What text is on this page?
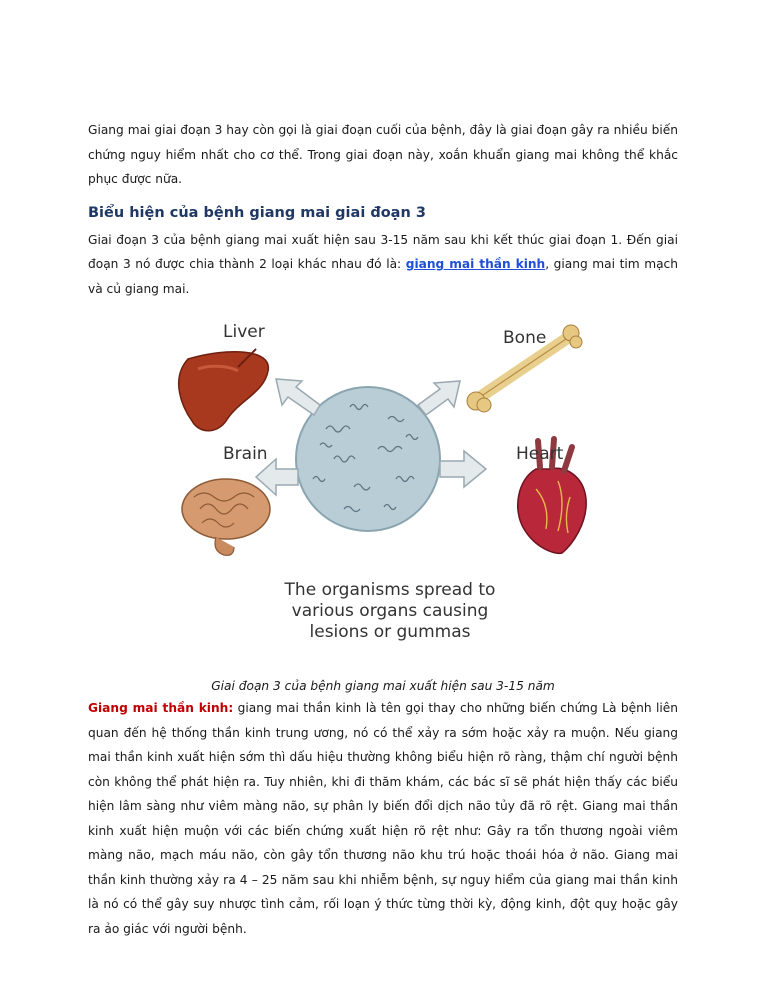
Giang mai giai đoạn 3 hay còn gọi là giai đoạn cuối của bệnh, đây là giai đoạn gây ra nhiều biến chứng nguy hiểm nhất cho cơ thể. Trong giai đoạn này, xoắn khuẩn giang mai không thể khắc phục được nữa.

Biểu hiện của bệnh giang mai giai đoạn 3

Giai đoạn 3 của bệnh giang mai xuất hiện sau 3-15 năm sau khi kết thúc giai đoạn 1. Đến giai đoạn 3 nó được chia thành 2 loại khác nhau đó là: giang mai thần kinh, giang mai tim mạch và củ giang mai.

Liver	Bone
Brain	Heart
The organisms spread to
various organs causing
lesions or gummas
Giai đoạn 3 của bệnh giang mai xuất hiện sau 3-15 năm

Giang mai thần kinh: giang mai thần kinh là tên gọi thay cho những biến chứng Là bệnh liên quan đến hệ thống thần kinh trung ương, nó có thể xảy ra sớm hoặc xảy ra muộn. Nếu giang mai thần kinh xuất hiện sớm thì dấu hiệu thường không biểu hiện rõ ràng, thậm chí người bệnh còn không thể phát hiện ra. Tuy nhiên, khi đi thăm khám, các bác sĩ sẽ phát hiện thấy các biểu hiện lâm sàng như viêm màng não, sự phân ly biến đổi dịch não tủy đã rõ rệt. Giang mai thần kinh xuất hiện muộn với các biến chứng xuất hiện rõ rệt như: Gây ra tổn thương ngoài viêm màng não, mạch máu não, còn gây tổn thương não khu trú hoặc thoái hóa ở não. Giang mai thần kinh thường xảy ra 4 – 25 năm sau khi nhiễm bệnh, sự nguy hiểm của giang mai thần kinh là nó có thể gây suy nhược tình cảm, rối loạn ý thức từng thời kỳ, động kinh, đột quỵ hoặc gây ra ảo giác với người bệnh.
